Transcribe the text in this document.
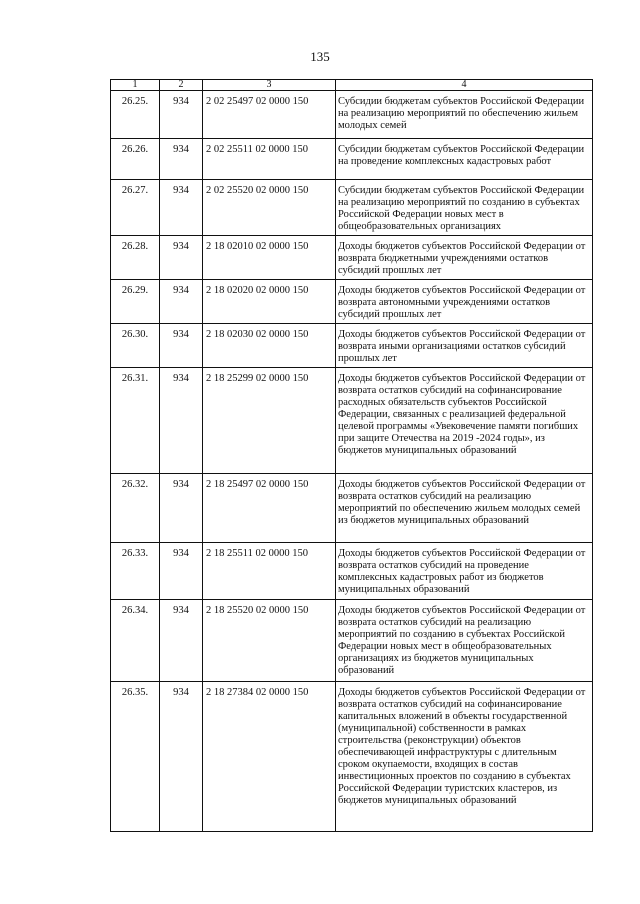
135
1	2	3	4
26.25.	934	2 02 25497 02 0000 150	Субсидии бюджетам субъектов Российской Федерации на реализацию мероприятий по обеспечению жильем молодых семей
26.26.	934	2 02 25511 02 0000 150	Субсидии бюджетам субъектов Российской Федерации на проведение комплексных кадастровых работ
26.27.	934	2 02 25520 02 0000 150	Субсидии бюджетам субъектов Российской Федерации на реализацию мероприятий по созданию в субъектах Российской Федерации новых мест в общеобразовательных организациях
26.28.	934	2 18 02010 02 0000 150	Доходы бюджетов субъектов Российской Федерации от возврата бюджетными учреждениями остатков субсидий прошлых лет
26.29.	934	2 18 02020 02 0000 150	Доходы бюджетов субъектов Российской Федерации от возврата автономными учреждениями остатков субсидий прошлых лет
26.30.	934	2 18 02030 02 0000 150	Доходы бюджетов субъектов Российской Федерации от возврата иными организациями остатков субсидий прошлых лет
26.31.	934	2 18 25299 02 0000 150	Доходы бюджетов субъектов Российской Федерации от возврата остатков субсидий на софинансирование расходных обязательств субъектов Российской Федерации, связанных с реализацией федеральной целевой программы «Увековечение памяти погибших при защите Отечества на 2019 -2024 годы», из бюджетов муниципальных образований
26.32.	934	2 18 25497 02 0000 150	Доходы бюджетов субъектов Российской Федерации от возврата остатков субсидий на реализацию мероприятий по обеспечению жильем молодых семей из бюджетов муниципальных образований
26.33.	934	2 18 25511 02 0000 150	Доходы бюджетов субъектов Российской Федерации от возврата остатков субсидий на проведение комплексных кадастровых работ из бюджетов муниципальных образований
26.34.	934	2 18 25520 02 0000 150	Доходы бюджетов субъектов Российской Федерации от возврата остатков субсидий на реализацию мероприятий по созданию в субъектах Российской Федерации новых мест в общеобразовательных организациях из бюджетов муниципальных образований
26.35.	934	2 18 27384 02 0000 150	Доходы бюджетов субъектов Российской Федерации от возврата остатков субсидий на софинансирование капитальных вложений в объекты государственной (муниципальной) собственности в рамках строительства (реконструкции) объектов обеспечивающей инфраструктуры с длительным сроком окупаемости, входящих в состав инвестиционных проектов по созданию в субъектах Российской Федерации туристских кластеров, из бюджетов муниципальных образований
